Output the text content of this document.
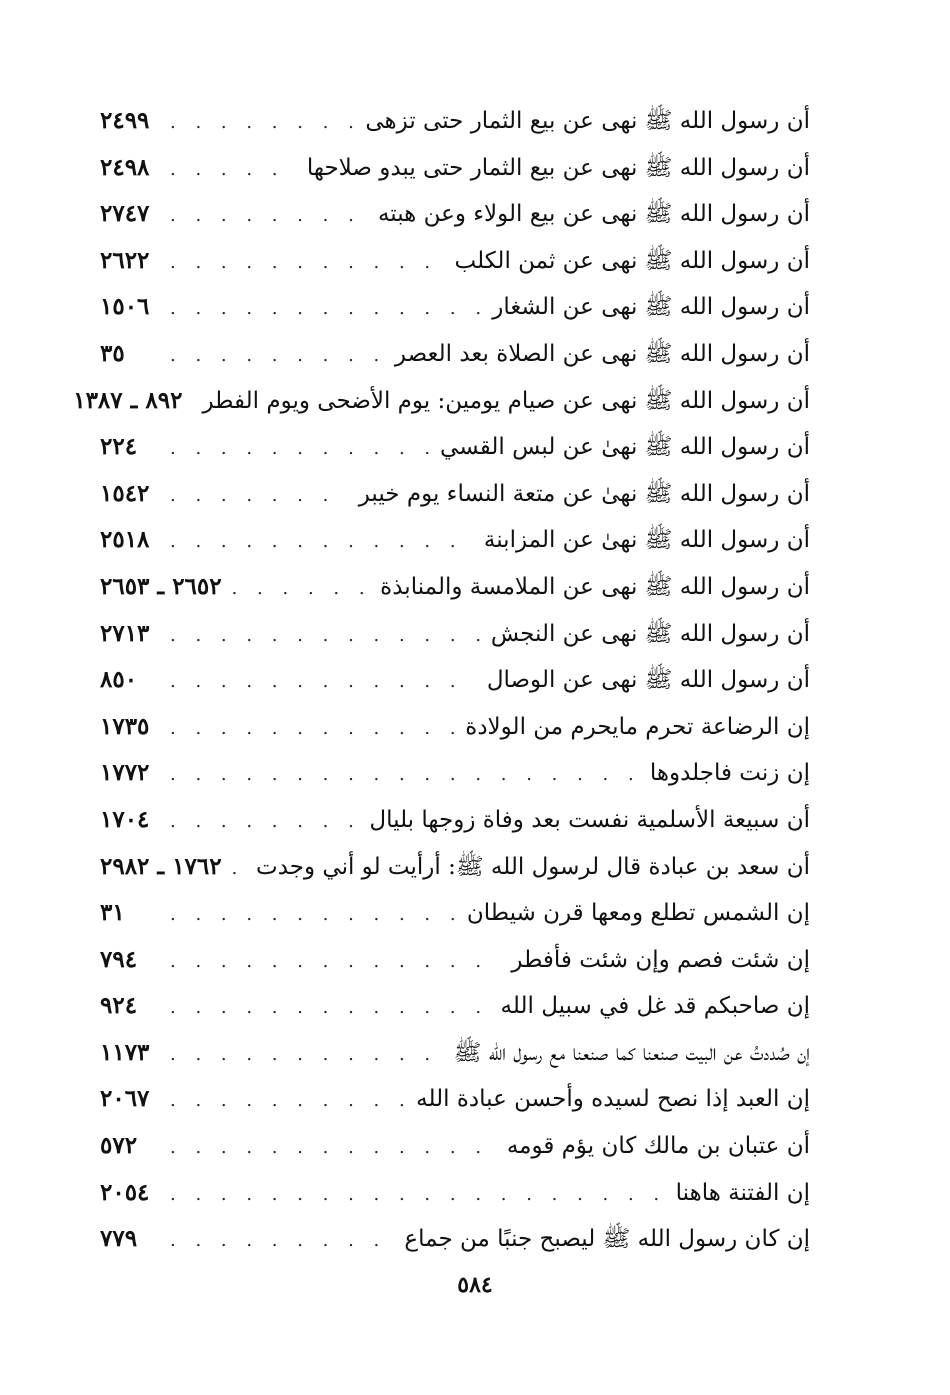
أن رسول الله ﷺ نهى عن بيع الثمار حتى تزهى
. . .
٢٤٩٩
أن رسول الله ﷺ نهى عن بيع الثمار حتى يبدو صلاحها
. . .
٢٤٩٨
أن رسول الله ﷺ نهى عن بيع الولاء وعن هبته
. . .
٢٧٤٧
أن رسول الله ﷺ نهى عن ثمن الكلب
. . .
٢٦٢٢
أن رسول الله ﷺ نهى عن الشغار
. . .
١٥٠٦
أن رسول الله ﷺ نهى عن الصلاة بعد العصر
. . .
٣٥
أن رسول الله ﷺ نهى عن صيام يومين: يوم الأضحى ويوم الفطر
٨٩٢ ـ ١٣٨٧
أن رسول الله ﷺ نهىٰ عن لبس القسي
. . .
٢٢٤
أن رسول الله ﷺ نهىٰ عن متعة النساء يوم خيبر
. . .
١٥٤٢
أن رسول الله ﷺ نهىٰ عن المزابنة
. . .
٢٥١٨
أن رسول الله ﷺ نهى عن الملامسة والمنابذة
. . .
٢٦٥٢ ـ ٢٦٥٣
أن رسول الله ﷺ نهى عن النجش
. . .
٢٧١٣
أن رسول الله ﷺ نهى عن الوصال
. . .
٨٥٠
إن الرضاعة تحرم مايحرم من الولادة
. . .
١٧٣٥
إن زنت فاجلدوها
. . .
١٧٧٢
أن سبيعة الأسلمية نفست بعد وفاة زوجها بليال
. . .
١٧٠٤
أن سعد بن عبادة قال لرسول الله ﷺ: أرأيت لو أني وجدت
. . .
١٧٦٢ ـ ٢٩٨٢
إن الشمس تطلع ومعها قرن شيطان
. . .
٣١
إن شئت فصم وإن شئت فأفطر
. . .
٧٩٤
إن صاحبكم قد غل في سبيل الله
. . .
٩٢٤
إن صُددتُ عن البيت صنعنا كما صنعنا مع رسول الله ﷺ
. . .
١١٧٣
إن العبد إذا نصح لسيده وأحسن عبادة الله
. . .
٢٠٦٧
أن عتبان بن مالك كان يؤم قومه
. . .
٥٧٢
إن الفتنة هاهنا
. . .
٢٠٥٤
إن كان رسول الله ﷺ ليصبح جنبًا من جماع
. . .
٧٧٩
٥٨٤
